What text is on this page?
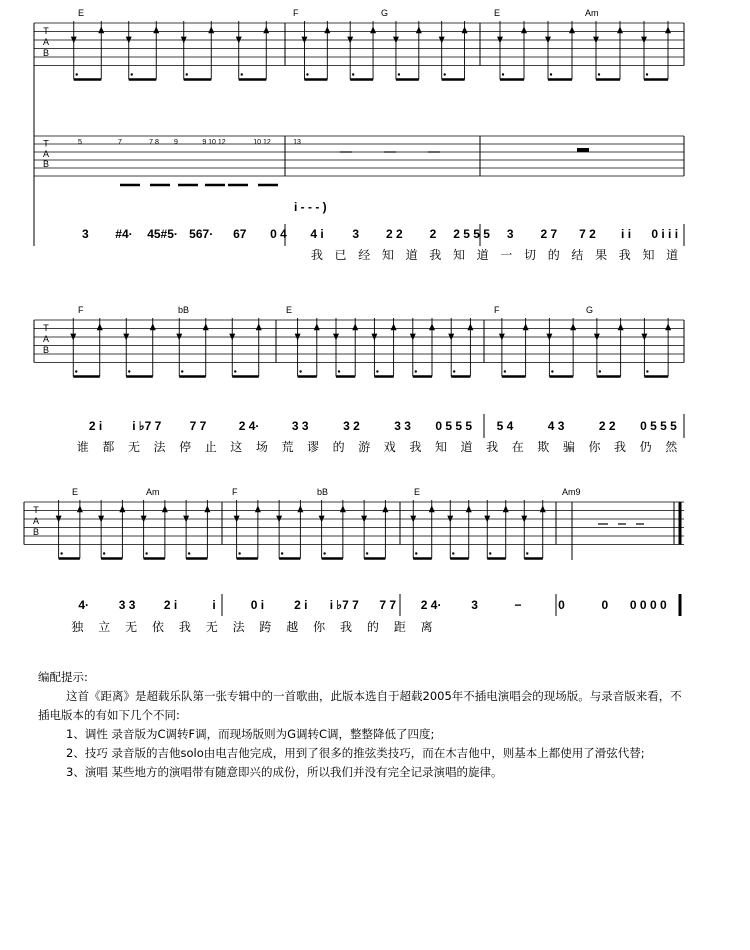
E	F	G	E	Am
T
A
B
T
A
B
5	7	7 8 9	9 10 12	10 12	13
i - - - )
3 #4· 45#5· 567· 67 0 4 4 i 3 2 2 2 2 5 5 5 3 2 7 7 2 i i 0 i i i
我 已 经 知 道 我 知 道 一 切 的 结 果 我 知 道
F	bB	E	F	G
T
A
B
2 i i ♭7 7 7 7	2 4·	3 3	3 2	3 3 0 5 5 5 5 4	4 3	2 2 0 5 5 5
谁 都 无 法 停 止 这 场 荒 谬 的 游 戏 我 知 道 我 在 欺 骗 你 我 仍 然
E	Am	F	bB	E	Am9
T
A
B
4· 3 3 2 i	i	0 i	2 i i ♭7 7 7 7 2 4· 3	−	0	0 0 0 0 0
独 立 无 依 我 无 法 跨 越 你 我 的 距 离

编配提示:

这首《距离》是超载乐队第一张专辑中的一首歌曲，此版本选自于超载2005年不插电演唱会的现场版。与录音版来看，不插电版本的有如下几个不同:

1、调性 录音版为C调转F调，而现场版则为G调转C调，整整降低了四度;

2、技巧 录音版的吉他solo由电吉他完成，用到了很多的推弦类技巧，而在木吉他中，则基本上都使用了滑弦代替;

3、演唱 某些地方的演唱带有随意即兴的成份，所以我们并没有完全记录演唱的旋律。
